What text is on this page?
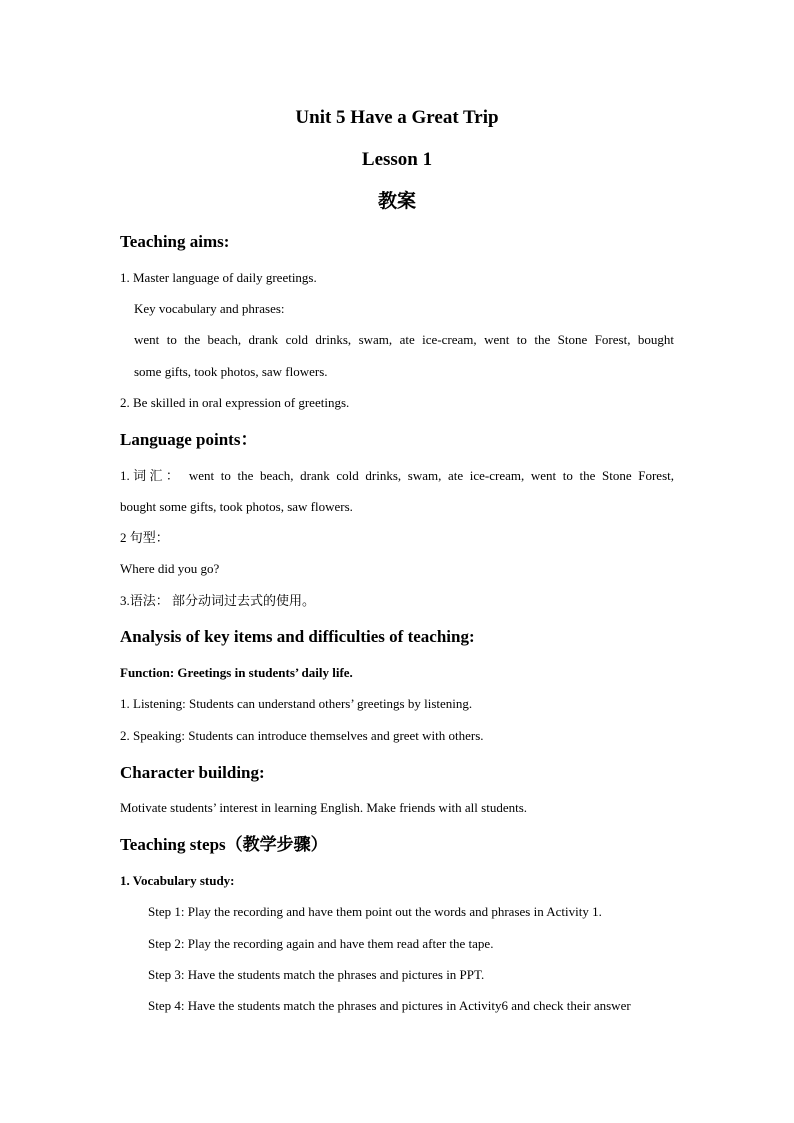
Unit 5 Have a Great Trip
Lesson 1
教案
Teaching aims:
1. Master language of daily greetings.
Key vocabulary and phrases:
went to the beach, drank cold drinks, swam, ate ice-cream, went to the Stone Forest, bought
some gifts, took photos, saw flowers.
2. Be skilled in oral expression of greetings.
Language points：
1.词汇： went to the beach, drank cold drinks, swam, ate ice-cream, went to the Stone Forest,
bought some gifts, took photos, saw flowers.
2 句型：
Where did you go?
3.语法： 部分动词过去式的使用。
Analysis of key items and difficulties of teaching:
Function: Greetings in students’ daily life.
1. Listening: Students can understand others’ greetings by listening.
2. Speaking: Students can introduce themselves and greet with others.
Character building:
Motivate students’ interest in learning English. Make friends with all students.
Teaching steps（教学步骤）
1. Vocabulary study:
Step 1: Play the recording and have them point out the words and phrases in Activity 1.
Step 2: Play the recording again and have them read after the tape.
Step 3: Have the students match the phrases and pictures in PPT.
Step 4: Have the students match the phrases and pictures in Activity6 and check their answer
